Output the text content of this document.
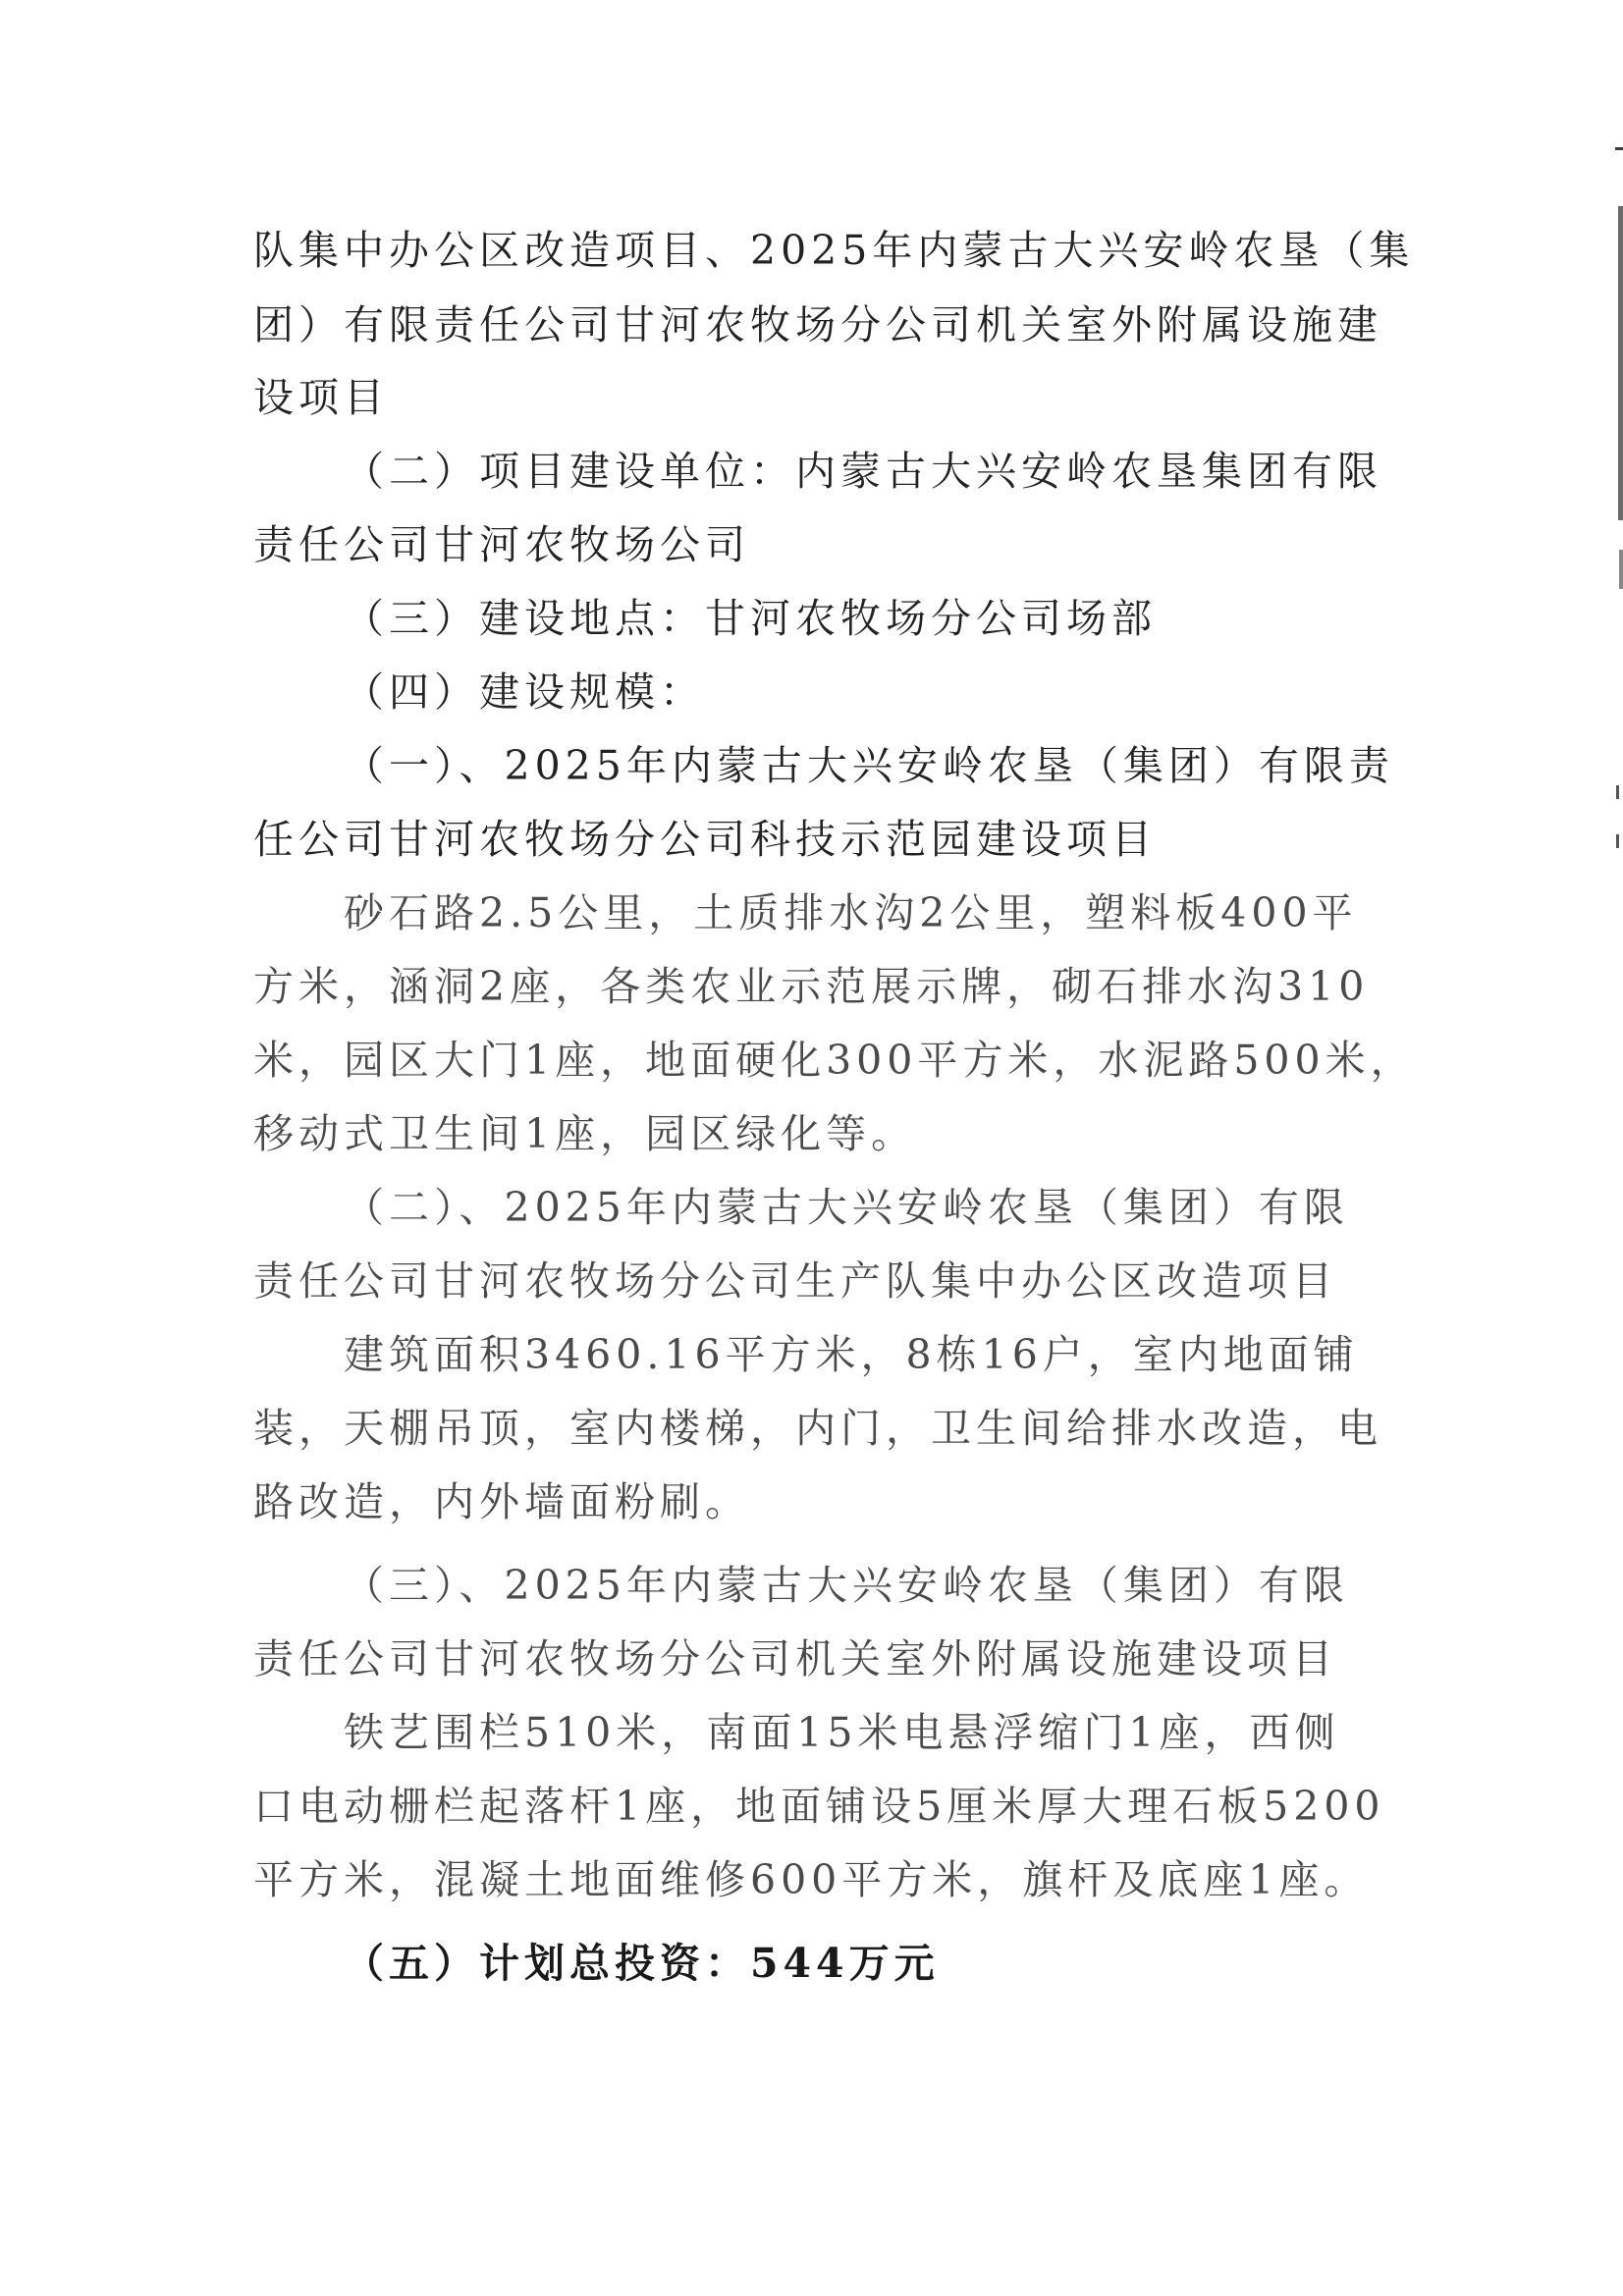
队集中办公区改造项目、2025年内蒙古大兴安岭农垦（集
团）有限责任公司甘河农牧场分公司机关室外附属设施建
设项目
（二）项目建设单位：内蒙古大兴安岭农垦集团有限
责任公司甘河农牧场公司
（三）建设地点：甘河农牧场分公司场部
（四）建设规模：
（一）、2025年内蒙古大兴安岭农垦（集团）有限责
任公司甘河农牧场分公司科技示范园建设项目
砂石路2.5公里，土质排水沟2公里，塑料板400平
方米，涵洞2座，各类农业示范展示牌，砌石排水沟310
米，园区大门1座，地面硬化300平方米，水泥路500米，
移动式卫生间1座，园区绿化等。
（二）、2025年内蒙古大兴安岭农垦（集团）有限
责任公司甘河农牧场分公司生产队集中办公区改造项目
建筑面积3460.16平方米，8栋16户，室内地面铺
装，天棚吊顶，室内楼梯，内门，卫生间给排水改造，电
路改造，内外墙面粉刷。
（三）、2025年内蒙古大兴安岭农垦（集团）有限
责任公司甘河农牧场分公司机关室外附属设施建设项目
铁艺围栏510米，南面15米电悬浮缩门1座，西侧
口电动栅栏起落杆1座，地面铺设5厘米厚大理石板5200
平方米，混凝土地面维修600平方米，旗杆及底座1座。
（五）计划总投资：544万元
